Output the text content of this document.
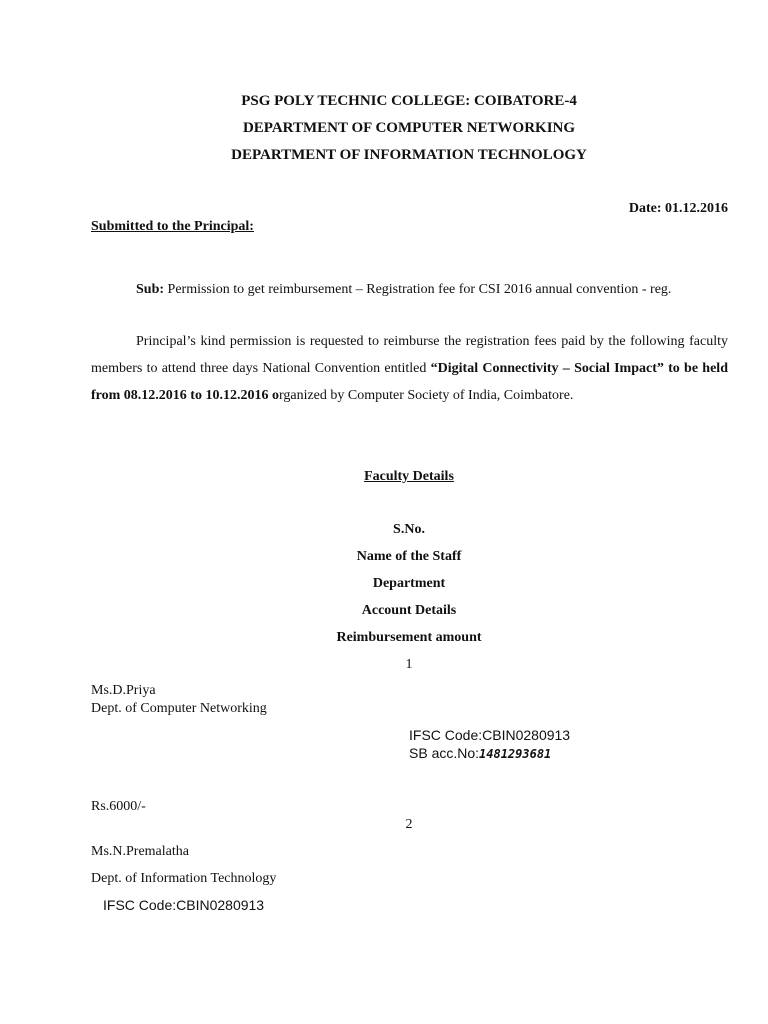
PSG POLY TECHNIC COLLEGE: COIBATORE-4
DEPARTMENT OF COMPUTER NETWORKING
DEPARTMENT OF INFORMATION TECHNOLOGY
Date: 01.12.2016
Submitted to the Principal:
Sub: Permission to get reimbursement – Registration fee for CSI 2016 annual convention - reg.
Principal’s kind permission is requested to reimburse the registration fees paid by the following faculty members to attend three days National Convention entitled “Digital Connectivity – Social Impact” to be held from 08.12.2016 to 10.12.2016 organized by Computer Society of India, Coimbatore.
Faculty Details
S.No.
Name of the Staff
Department
Account Details
Reimbursement amount
1
Ms.D.Priya
Dept. of Computer Networking
IFSC Code:CBIN0280913
SB acc.No:1481293681
Rs.6000/-
2
Ms.N.Premalatha
Dept. of Information Technology
IFSC Code:CBIN0280913
